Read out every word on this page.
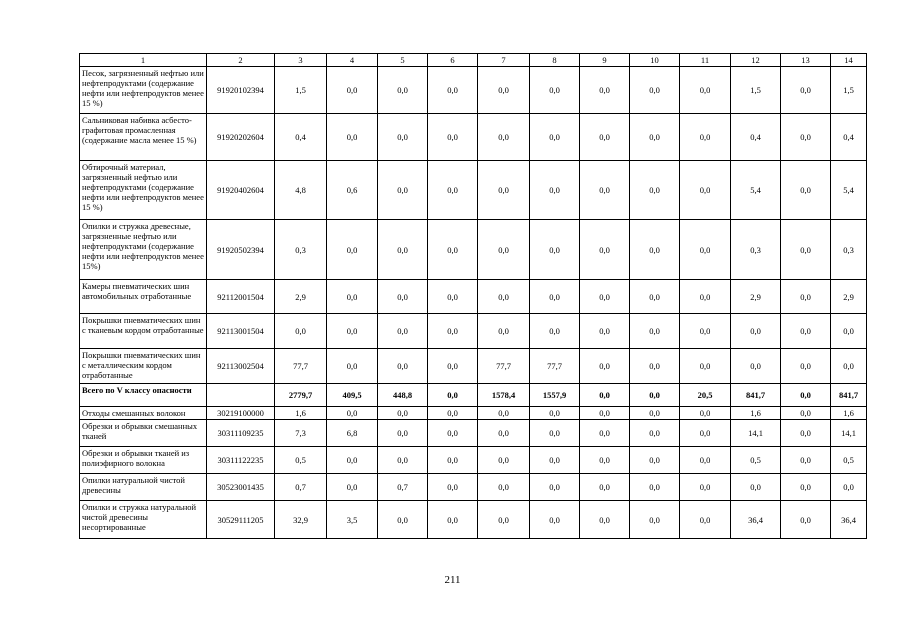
1	2	3	4	5	6	7	8	9	10	11	12	13	14
Песок, загрязненный нефтью или нефтепродуктами (содержание нефти или нефтепродуктов менее 15 %)	91920102394	1,5	0,0	0,0	0,0	0,0	0,0	0,0	0,0	0,0	1,5	0,0	1,5
Сальниковая набивка асбесто-графитовая промасленная (содержание масла менее 15 %)	91920202604	0,4	0,0	0,0	0,0	0,0	0,0	0,0	0,0	0,0	0,4	0,0	0,4
Обтирочный материал, загрязненный нефтью или нефтепродуктами (содержание нефти или нефтепродуктов менее 15 %)	91920402604	4,8	0,6	0,0	0,0	0,0	0,0	0,0	0,0	0,0	5,4	0,0	5,4
Опилки и стружка древесные, загрязненные нефтью или нефтепродуктами (содержание нефти или нефтепродуктов менее 15%)	91920502394	0,3	0,0	0,0	0,0	0,0	0,0	0,0	0,0	0,0	0,3	0,0	0,3
Камеры пневматических шин автомобильных отработанные	92112001504	2,9	0,0	0,0	0,0	0,0	0,0	0,0	0,0	0,0	2,9	0,0	2,9
Покрышки пневматических шин с тканевым кордом отработанные	92113001504	0,0	0,0	0,0	0,0	0,0	0,0	0,0	0,0	0,0	0,0	0,0	0,0
Покрышки пневматических шин с металлическим кордом отработанные	92113002504	77,7	0,0	0,0	0,0	77,7	77,7	0,0	0,0	0,0	0,0	0,0	0,0
Всего по V классу опасности		2779,7	409,5	448,8	0,0	1578,4	1557,9	0,0	0,0	20,5	841,7	0,0	841,7
Отходы смешанных волокон	30219100000	1,6	0,0	0,0	0,0	0,0	0,0	0,0	0,0	0,0	1,6	0,0	1,6
Обрезки и обрывки смешанных тканей	30311109235	7,3	6,8	0,0	0,0	0,0	0,0	0,0	0,0	0,0	14,1	0,0	14,1
Обрезки и обрывки тканей из полиэфирного волокна	30311122235	0,5	0,0	0,0	0,0	0,0	0,0	0,0	0,0	0,0	0,5	0,0	0,5
Опилки натуральной чистой древесины	30523001435	0,7	0,0	0,7	0,0	0,0	0,0	0,0	0,0	0,0	0,0	0,0	0,0
Опилки и стружка натуральной чистой древесины несортированные	30529111205	32,9	3,5	0,0	0,0	0,0	0,0	0,0	0,0	0,0	36,4	0,0	36,4
211
